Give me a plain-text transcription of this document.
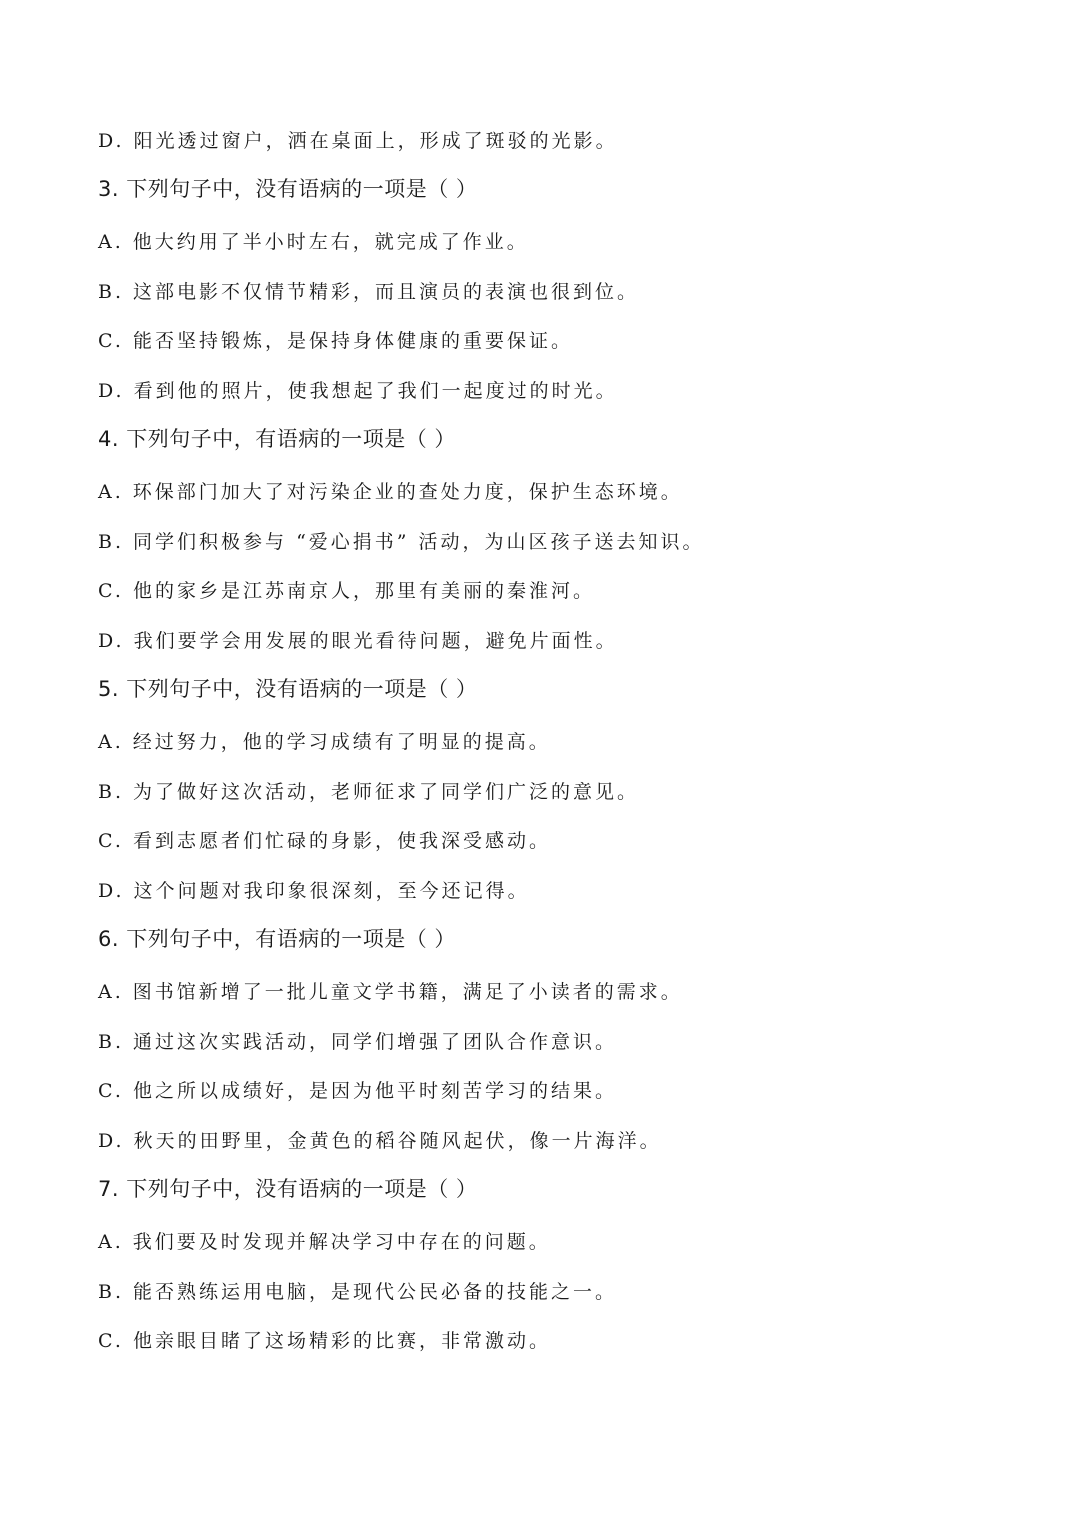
D. 阳光透过窗户，洒在桌面上，形成了斑驳的光影。
3. 下列句子中，没有语病的一项是（ ）
A. 他大约用了半小时左右，就完成了作业。
B. 这部电影不仅情节精彩，而且演员的表演也很到位。
C. 能否坚持锻炼，是保持身体健康的重要保证。
D. 看到他的照片，使我想起了我们一起度过的时光。
4. 下列句子中，有语病的一项是（ ）
A. 环保部门加大了对污染企业的查处力度，保护生态环境。
B. 同学们积极参与 “爱心捐书” 活动，为山区孩子送去知识。
C. 他的家乡是江苏南京人，那里有美丽的秦淮河。
D. 我们要学会用发展的眼光看待问题，避免片面性。
5. 下列句子中，没有语病的一项是（ ）
A. 经过努力，他的学习成绩有了明显的提高。
B. 为了做好这次活动，老师征求了同学们广泛的意见。
C. 看到志愿者们忙碌的身影，使我深受感动。
D. 这个问题对我印象很深刻，至今还记得。
6. 下列句子中，有语病的一项是（ ）
A. 图书馆新增了一批儿童文学书籍，满足了小读者的需求。
B. 通过这次实践活动，同学们增强了团队合作意识。
C. 他之所以成绩好，是因为他平时刻苦学习的结果。
D. 秋天的田野里，金黄色的稻谷随风起伏，像一片海洋。
7. 下列句子中，没有语病的一项是（ ）
A. 我们要及时发现并解决学习中存在的问题。
B. 能否熟练运用电脑，是现代公民必备的技能之一。
C. 他亲眼目睹了这场精彩的比赛，非常激动。
